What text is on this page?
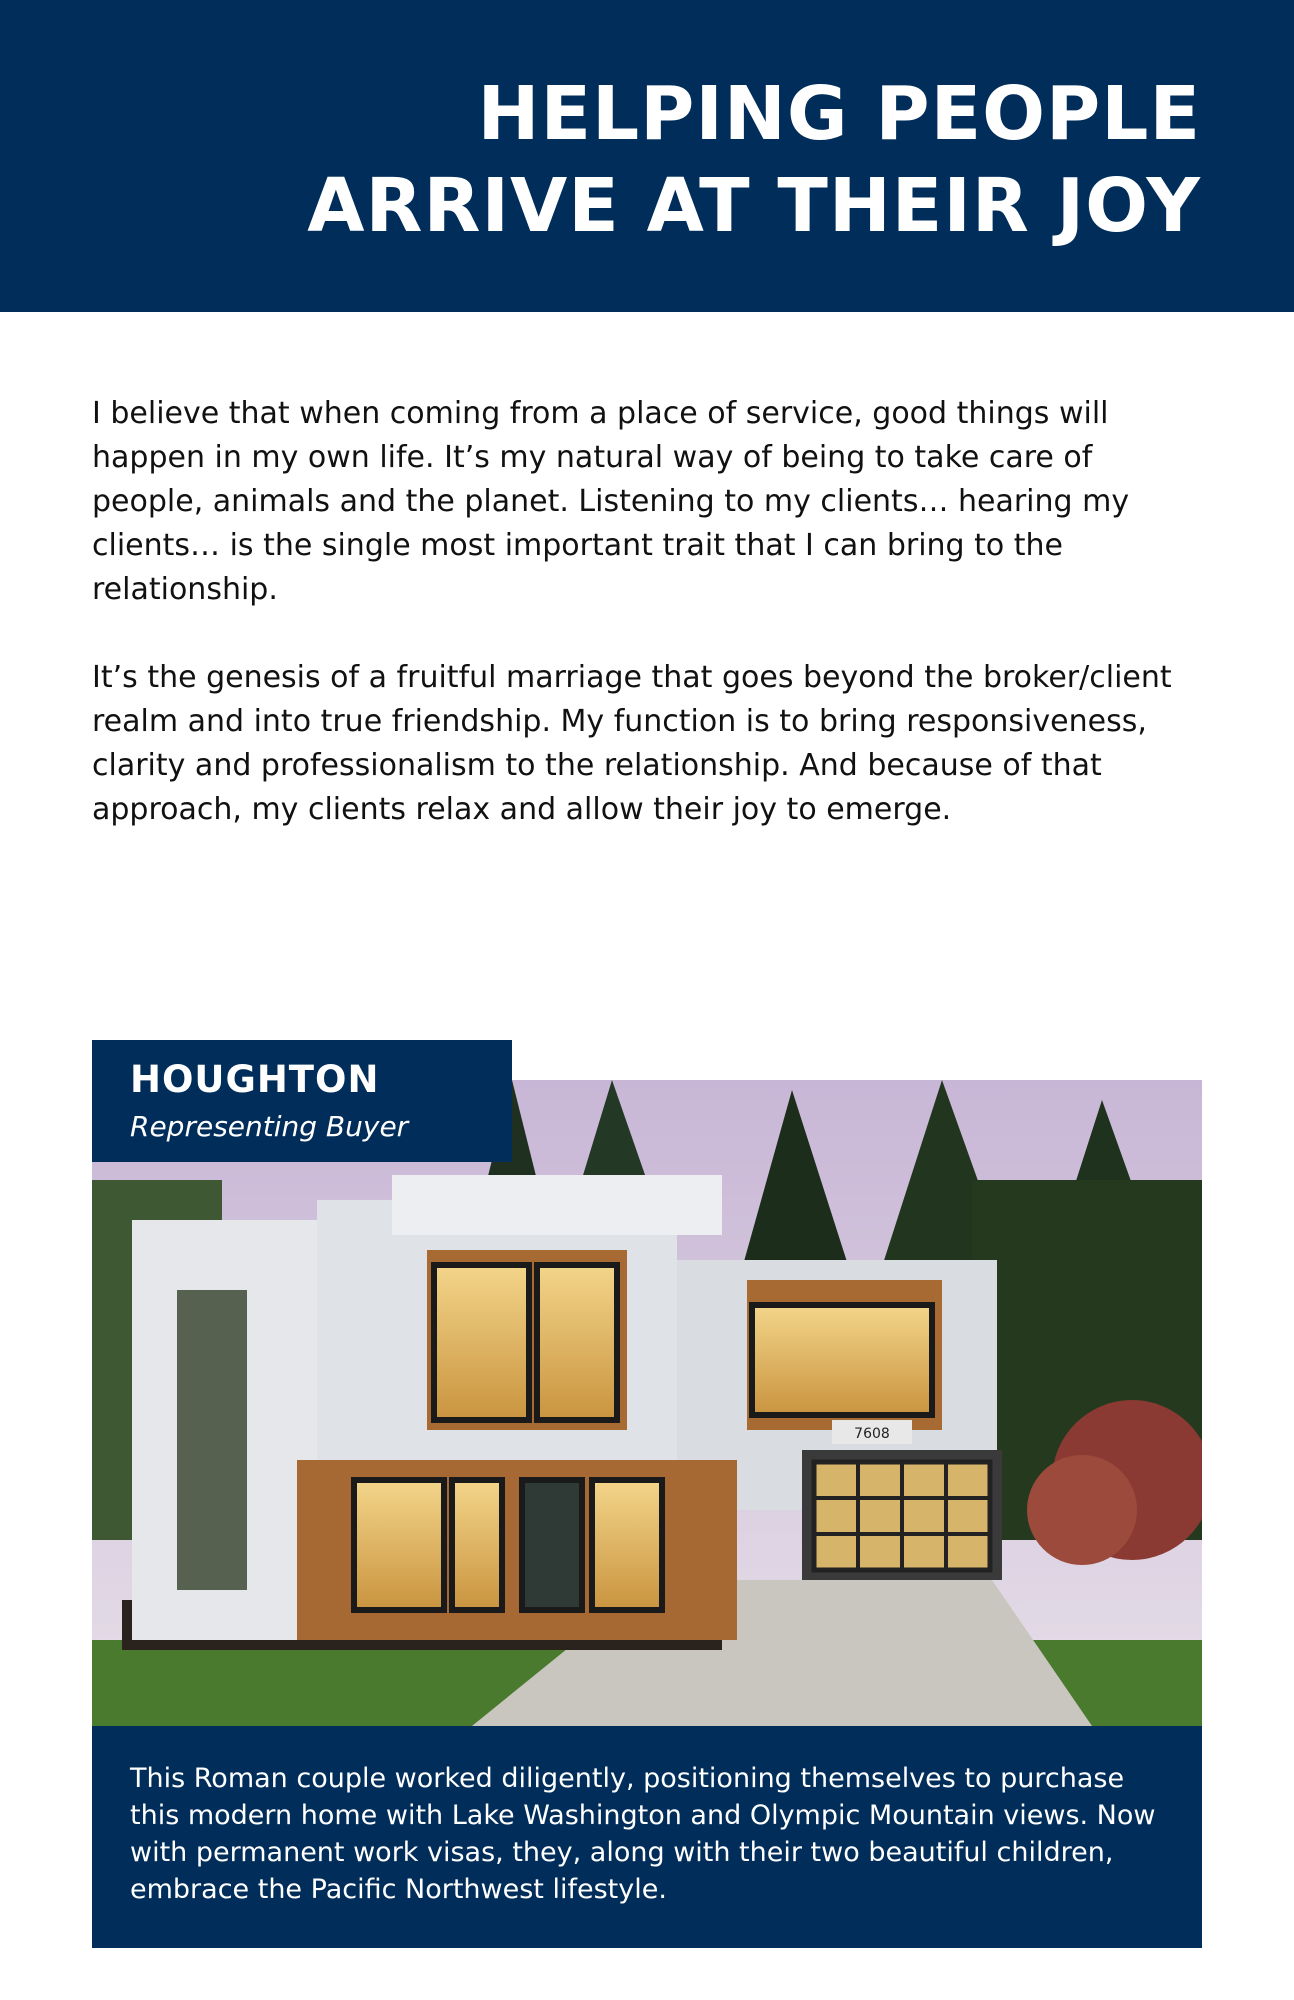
HELPING PEOPLE
ARRIVE AT THEIR JOY

I believe that when coming from a place of service, good things will happen in my own life. It’s my natural way of being to take care of people, animals and the planet. Listening to my clients… hearing my clients… is the single most important trait that I can bring to the relationship.

It’s the genesis of a fruitful marriage that goes beyond the broker/client realm and into true friendship. My function is to bring responsiveness, clarity and professionalism to the relationship. And because of that approach, my clients relax and allow their joy to emerge.

7608
HOUGHTON
Representing Buyer

This Roman couple worked diligently, positioning themselves to purchase this modern home with Lake Washington and Olympic Mountain views. Now with permanent work visas, they, along with their two beautiful children, embrace the Pacific Northwest lifestyle.
